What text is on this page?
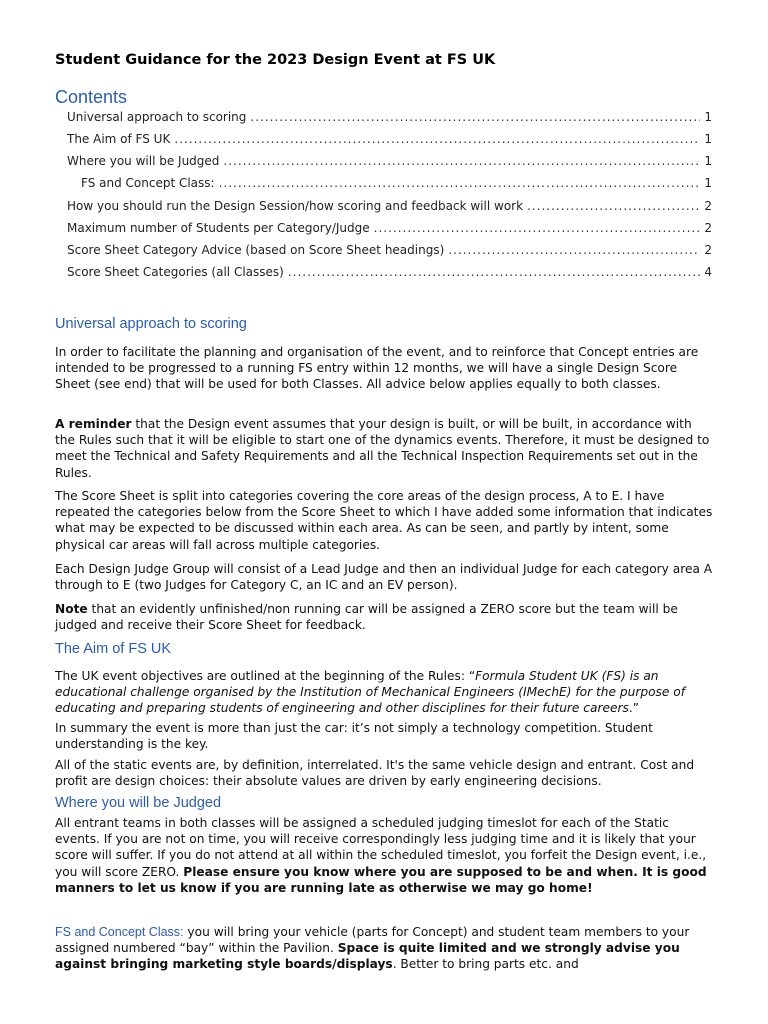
Student Guidance for the 2023 Design Event at FS UK
Contents
Universal approach to scoring .....	1
The Aim of FS UK .....	1
Where you will be Judged .....	1
FS and Concept Class: .....	1
How you should run the Design Session/how scoring and feedback will work .....	2
Maximum number of Students per Category/Judge .....	2
Score Sheet Category Advice (based on Score Sheet headings) .....	2
Score Sheet Categories (all Classes) .....	4
Universal approach to scoring
In order to facilitate the planning and organisation of the event, and to reinforce that Concept entries are intended to be progressed to a running FS entry within 12 months, we will have a single Design Score Sheet (see end) that will be used for both Classes. All advice below applies equally to both classes.
A reminder that the Design event assumes that your design is built, or will be built, in accordance with the Rules such that it will be eligible to start one of the dynamics events. Therefore, it must be designed to meet the Technical and Safety Requirements and all the Technical Inspection Requirements set out in the Rules.
The Score Sheet is split into categories covering the core areas of the design process, A to E. I have repeated the categories below from the Score Sheet to which I have added some information that indicates what may be expected to be discussed within each area. As can be seen, and partly by intent, some physical car areas will fall across multiple categories.
Each Design Judge Group will consist of a Lead Judge and then an individual Judge for each category area A through to E (two Judges for Category C, an IC and an EV person).
Note that an evidently unfinished/non running car will be assigned a ZERO score but the team will be judged and receive their Score Sheet for feedback.
The Aim of FS UK
The UK event objectives are outlined at the beginning of the Rules: “Formula Student UK (FS) is an educational challenge organised by the Institution of Mechanical Engineers (IMechE) for the purpose of educating and preparing students of engineering and other disciplines for their future careers.”
In summary the event is more than just the car: it’s not simply a technology competition. Student understanding is the key.
All of the static events are, by definition, interrelated. It's the same vehicle design and entrant. Cost and profit are design choices: their absolute values are driven by early engineering decisions.
Where you will be Judged
All entrant teams in both classes will be assigned a scheduled judging timeslot for each of the Static events. If you are not on time, you will receive correspondingly less judging time and it is likely that your score will suffer. If you do not attend at all within the scheduled timeslot, you forfeit the Design event, i.e., you will score ZERO. Please ensure you know where you are supposed to be and when. It is good manners to let us know if you are running late as otherwise we may go home!
FS and Concept Class: you will bring your vehicle (parts for Concept) and student team members to your assigned numbered “bay” within the Pavilion. Space is quite limited and we strongly advise you against bringing marketing style boards/displays. Better to bring parts etc. and
